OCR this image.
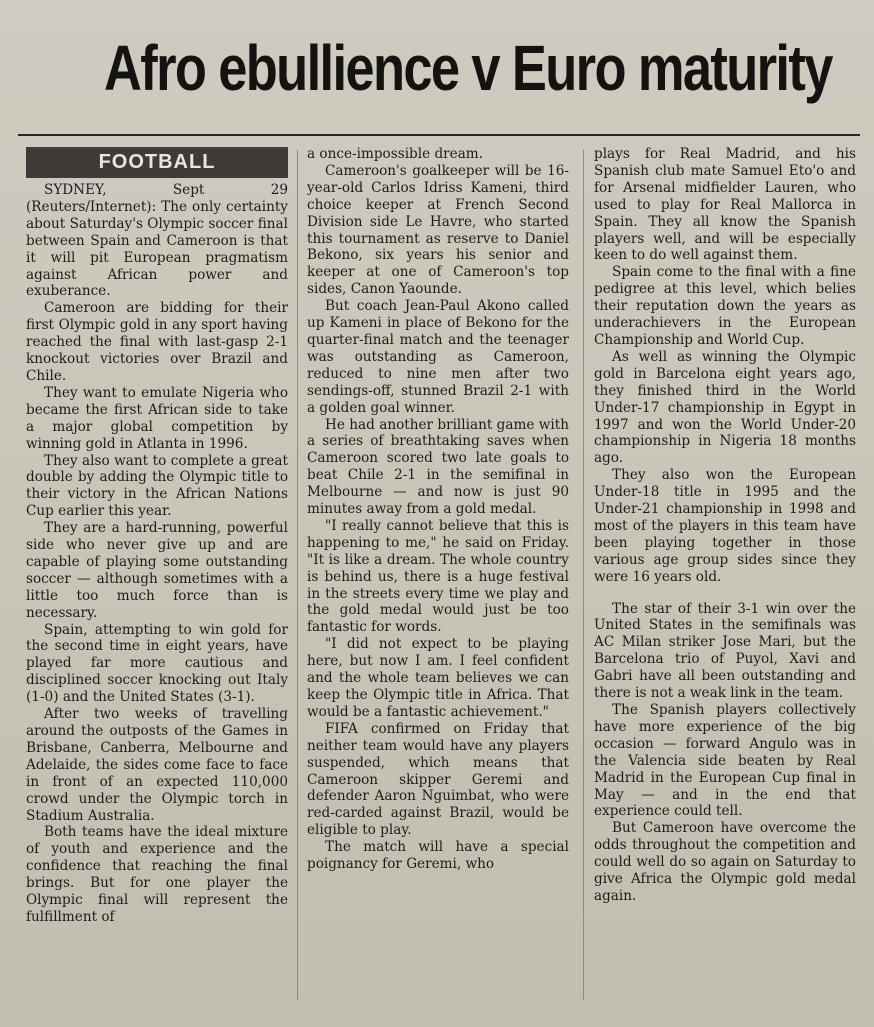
Afro ebullience v Euro maturity
FOOTBALL

SYDNEY, Sept 29 (Reuters/Internet): The only certainty about Saturday's Olympic soccer final between Spain and Cameroon is that it will pit European pragmatism against African power and exuberance.

Cameroon are bidding for their first Olympic gold in any sport having reached the final with last-gasp 2-1 knockout victories over Brazil and Chile.

They want to emulate Nigeria who became the first African side to take a major global competition by winning gold in Atlanta in 1996.

They also want to complete a great double by adding the Olympic title to their victory in the African Nations Cup earlier this year.

They are a hard-running, powerful side who never give up and are capable of playing some outstanding soccer — although sometimes with a little too much force than is necessary.

Spain, attempting to win gold for the second time in eight years, have played far more cautious and disciplined soccer knocking out Italy (1-0) and the United States (3-1).

After two weeks of travelling around the outposts of the Games in Brisbane, Canberra, Melbourne and Adelaide, the sides come face to face in front of an expected 110,000 crowd under the Olympic torch in Stadium Australia.

Both teams have the ideal mixture of youth and experience and the confidence that reaching the final brings. But for one player the Olympic final will represent the fulfillment of

a once-impossible dream.

Cameroon's goalkeeper will be 16-year-old Carlos Idriss Kameni, third choice keeper at French Second Division side Le Havre, who started this tournament as reserve to Daniel Bekono, six years his senior and keeper at one of Cameroon's top sides, Canon Yaounde.

But coach Jean-Paul Akono called up Kameni in place of Bekono for the quarter-final match and the teenager was outstanding as Cameroon, reduced to nine men after two sendings-off, stunned Brazil 2-1 with a golden goal winner.

He had another brilliant game with a series of breathtaking saves when Cameroon scored two late goals to beat Chile 2-1 in the semifinal in Melbourne — and now is just 90 minutes away from a gold medal.

"I really cannot believe that this is happening to me," he said on Friday. "It is like a dream. The whole country is behind us, there is a huge festival in the streets every time we play and the gold medal would just be too fantastic for words.

"I did not expect to be playing here, but now I am. I feel confident and the whole team believes we can keep the Olympic title in Africa. That would be a fantastic achievement."

FIFA confirmed on Friday that neither team would have any players suspended, which means that Cameroon skipper Geremi and defender Aaron Nguimbat, who were red-carded against Brazil, would be eligible to play.

The match will have a special poignancy for Geremi, who

plays for Real Madrid, and his Spanish club mate Samuel Eto'o and for Arsenal midfielder Lauren, who used to play for Real Mallorca in Spain. They all know the Spanish players well, and will be especially keen to do well against them.

Spain come to the final with a fine pedigree at this level, which belies their reputation down the years as underachievers in the European Championship and World Cup.

As well as winning the Olympic gold in Barcelona eight years ago, they finished third in the World Under-17 championship in Egypt in 1997 and won the World Under-20 championship in Nigeria 18 months ago.

They also won the European Under-18 title in 1995 and the Under-21 championship in 1998 and most of the players in this team have been playing together in those various age group sides since they were 16 years old.

The star of their 3-1 win over the United States in the semifinals was AC Milan striker Jose Mari, but the Barcelona trio of Puyol, Xavi and Gabri have all been outstanding and there is not a weak link in the team.

The Spanish players collectively have more experience of the big occasion — forward Angulo was in the Valencia side beaten by Real Madrid in the European Cup final in May — and in the end that experience could tell.

But Cameroon have overcome the odds throughout the competition and could well do so again on Saturday to give Africa the Olympic gold medal again.
